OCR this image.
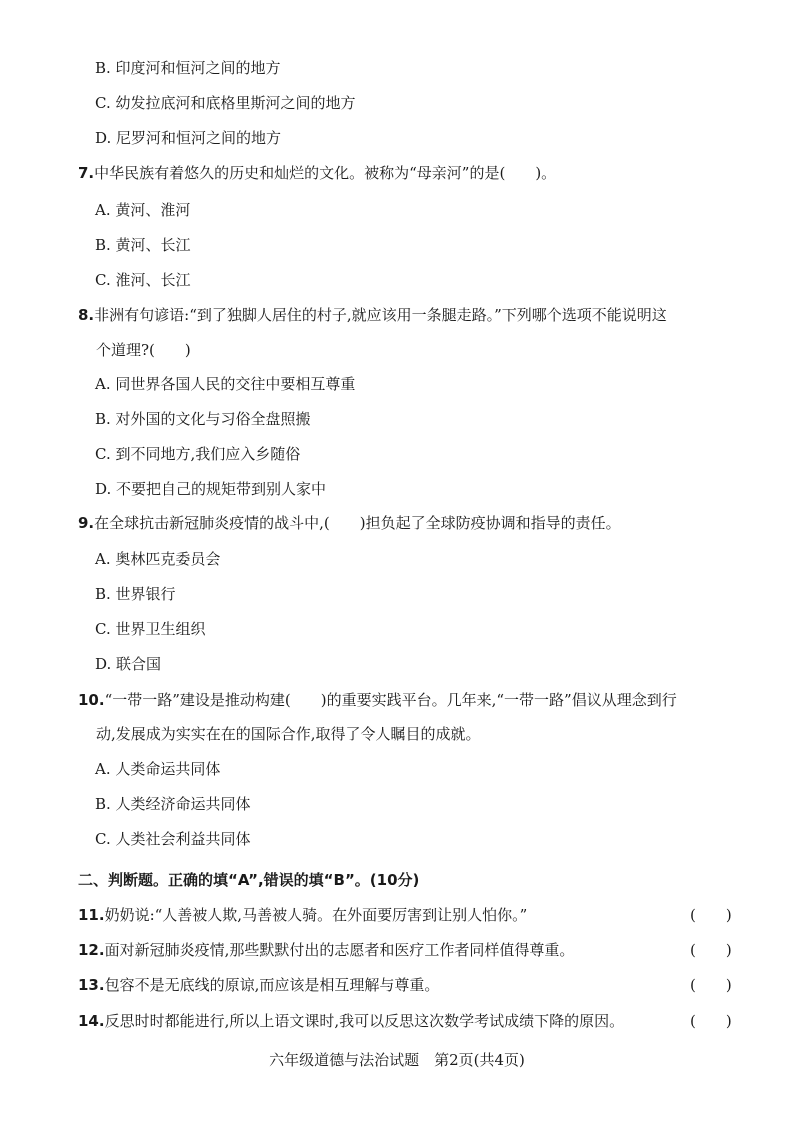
B. 印度河和恒河之间的地方
C. 幼发拉底河和底格里斯河之间的地方
D. 尼罗河和恒河之间的地方
7.中华民族有着悠久的历史和灿烂的文化。被称为“母亲河”的是(　　)。
A. 黄河、淮河
B. 黄河、长江
C. 淮河、长江
8.非洲有句谚语:“到了独脚人居住的村子,就应该用一条腿走路。”下列哪个选项不能说明这
个道理?(　　)
A. 同世界各国人民的交往中要相互尊重
B. 对外国的文化与习俗全盘照搬
C. 到不同地方,我们应入乡随俗
D. 不要把自己的规矩带到别人家中
9.在全球抗击新冠肺炎疫情的战斗中,(　　)担负起了全球防疫协调和指导的责任。
A. 奥林匹克委员会
B. 世界银行
C. 世界卫生组织
D. 联合国
10.“一带一路”建设是推动构建(　　)的重要实践平台。几年来,“一带一路”倡议从理念到行
动,发展成为实实在在的国际合作,取得了令人瞩目的成就。
A. 人类命运共同体
B. 人类经济命运共同体
C. 人类社会利益共同体
二、判断题。正确的填“A”,错误的填“B”。(10分)
11.奶奶说:“人善被人欺,马善被人骑。在外面要厉害到让别人怕你。”	(　　)
12.面对新冠肺炎疫情,那些默默付出的志愿者和医疗工作者同样值得尊重。	(　　)
13.包容不是无底线的原谅,而应该是相互理解与尊重。	(　　)
14.反思时时都能进行,所以上语文课时,我可以反思这次数学考试成绩下降的原因。	(　　)
六年级道德与法治试题　第2页(共4页)
